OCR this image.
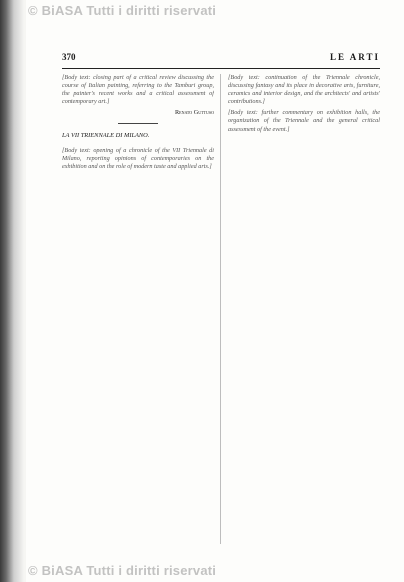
© BiASA Tutti i diritti riservati
370	LE ARTI

[Body text: closing part of a critical review discussing the course of Italian painting, referring to the Tamburi group, the painter's recent works and a critical assessment of contemporary art.]

Renato Guttuso

LA VII TRIENNALE DI MILANO.

[Body text: opening of a chronicle of the VII Triennale di Milano, reporting opinions of contemporaries on the exhibition and on the role of modern taste and applied arts.]

[Body text: continuation of the Triennale chronicle, discussing fantasy and its place in decorative arts, furniture, ceramics and interior design, and the architects' and artists' contributions.]

[Body text: further commentary on exhibition halls, the organization of the Triennale and the general critical assessment of the event.]

© BiASA Tutti i diritti riservati
